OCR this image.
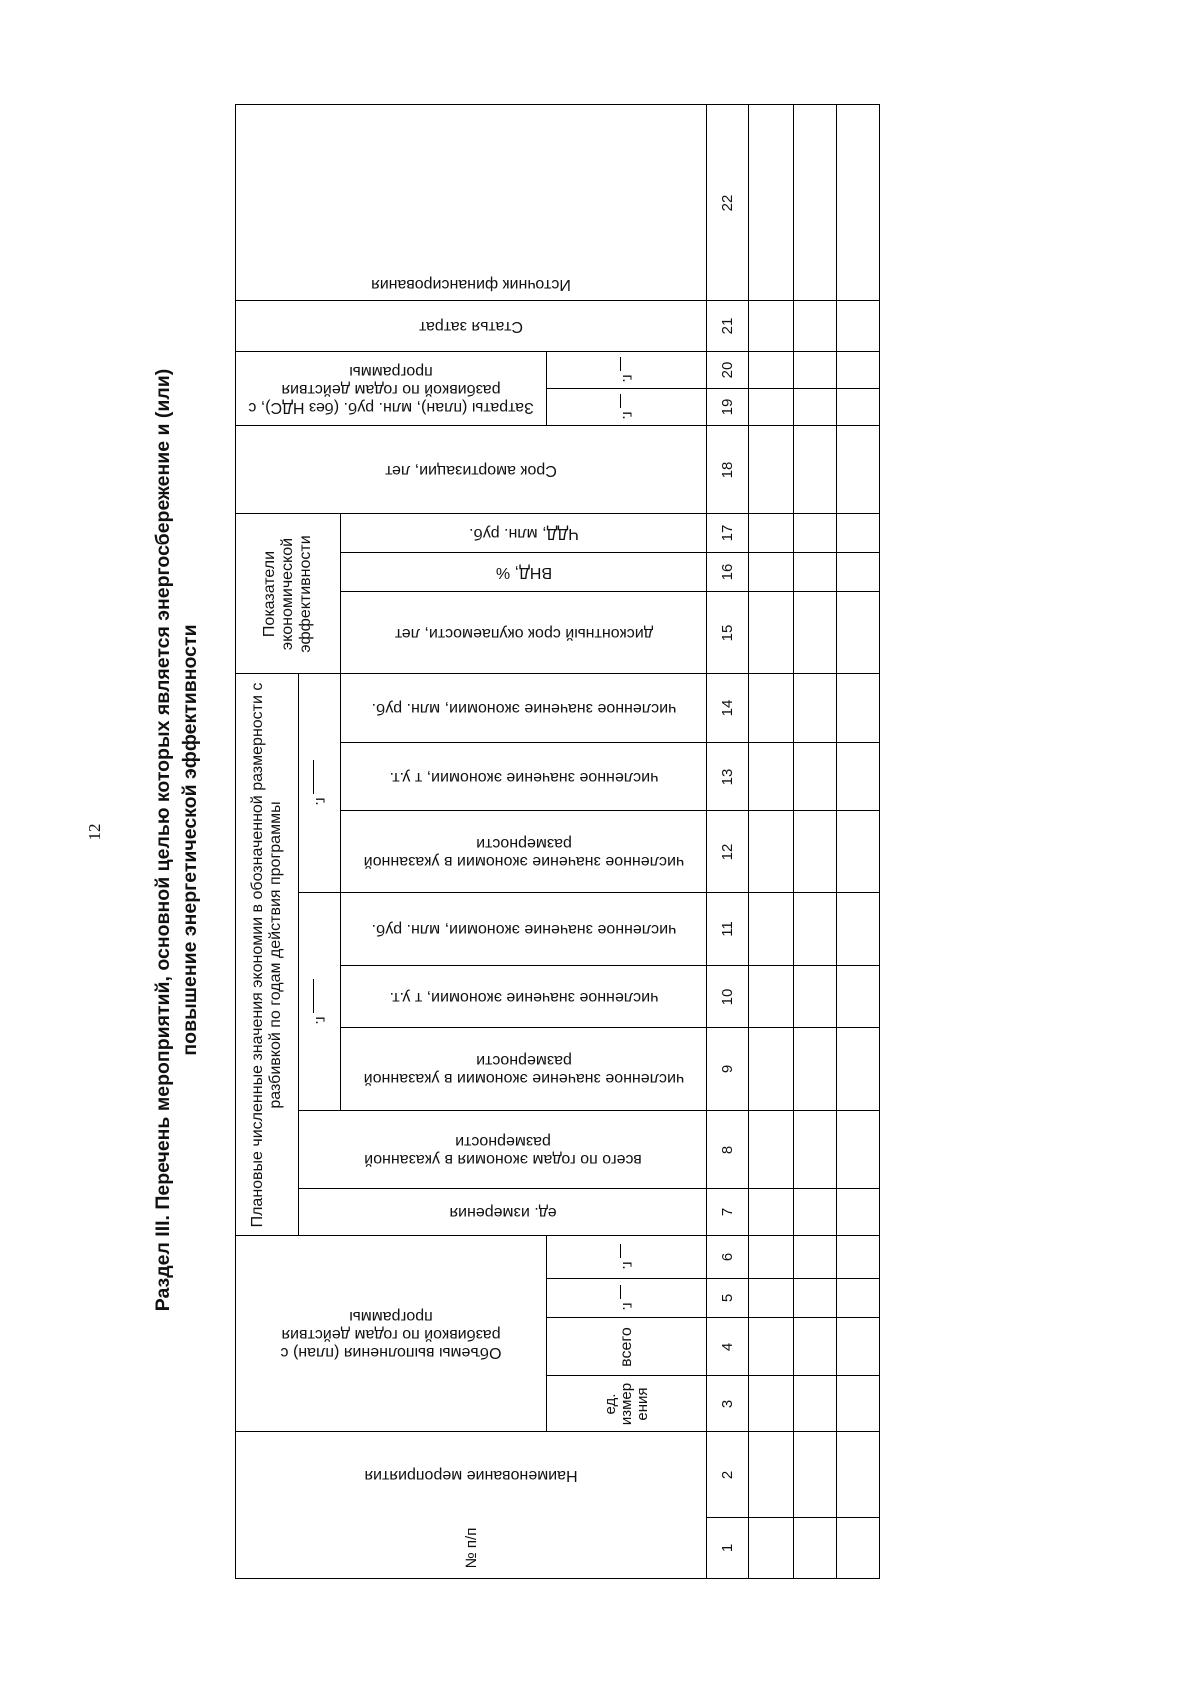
12 Раздел III. Перечень мероприятий, основной целью которых является энергосбережение и (или) повышение энергетической эффективности
№ п/п
Наименование мероприятия
Объемы выполнения (план) с разбивкой по годам действия программы
ед. измер ения
всего
г.
г.
Плановые численные значения экономии в обозначенной размерности с разбивкой по годам действия программы
ед. измерения
всего по годам экономия в указанной размерности
г.
численное значение экономии в указанной размерности
численное значение экономии, т у.т.
численное значение экономии, млн. руб.
г.
численное значение экономии в указанной размерности
численное значение экономии, т у.т.
численное значение экономии, млн. руб.
Показатели экономической эффективности	дисконтный срок окупаемости, лет
ВНД, %
ЧДД, млн. руб.
Срок амортизации, лет
Затраты (план), млн. руб. (без НДС), с разбивкой по годам действия программы
г.
г.
Статья затрат
Источник финансирования
1
2
3
4
5
6
7
8
9
10
11
12
13
14
15
16
17
18
19
20
21
22
